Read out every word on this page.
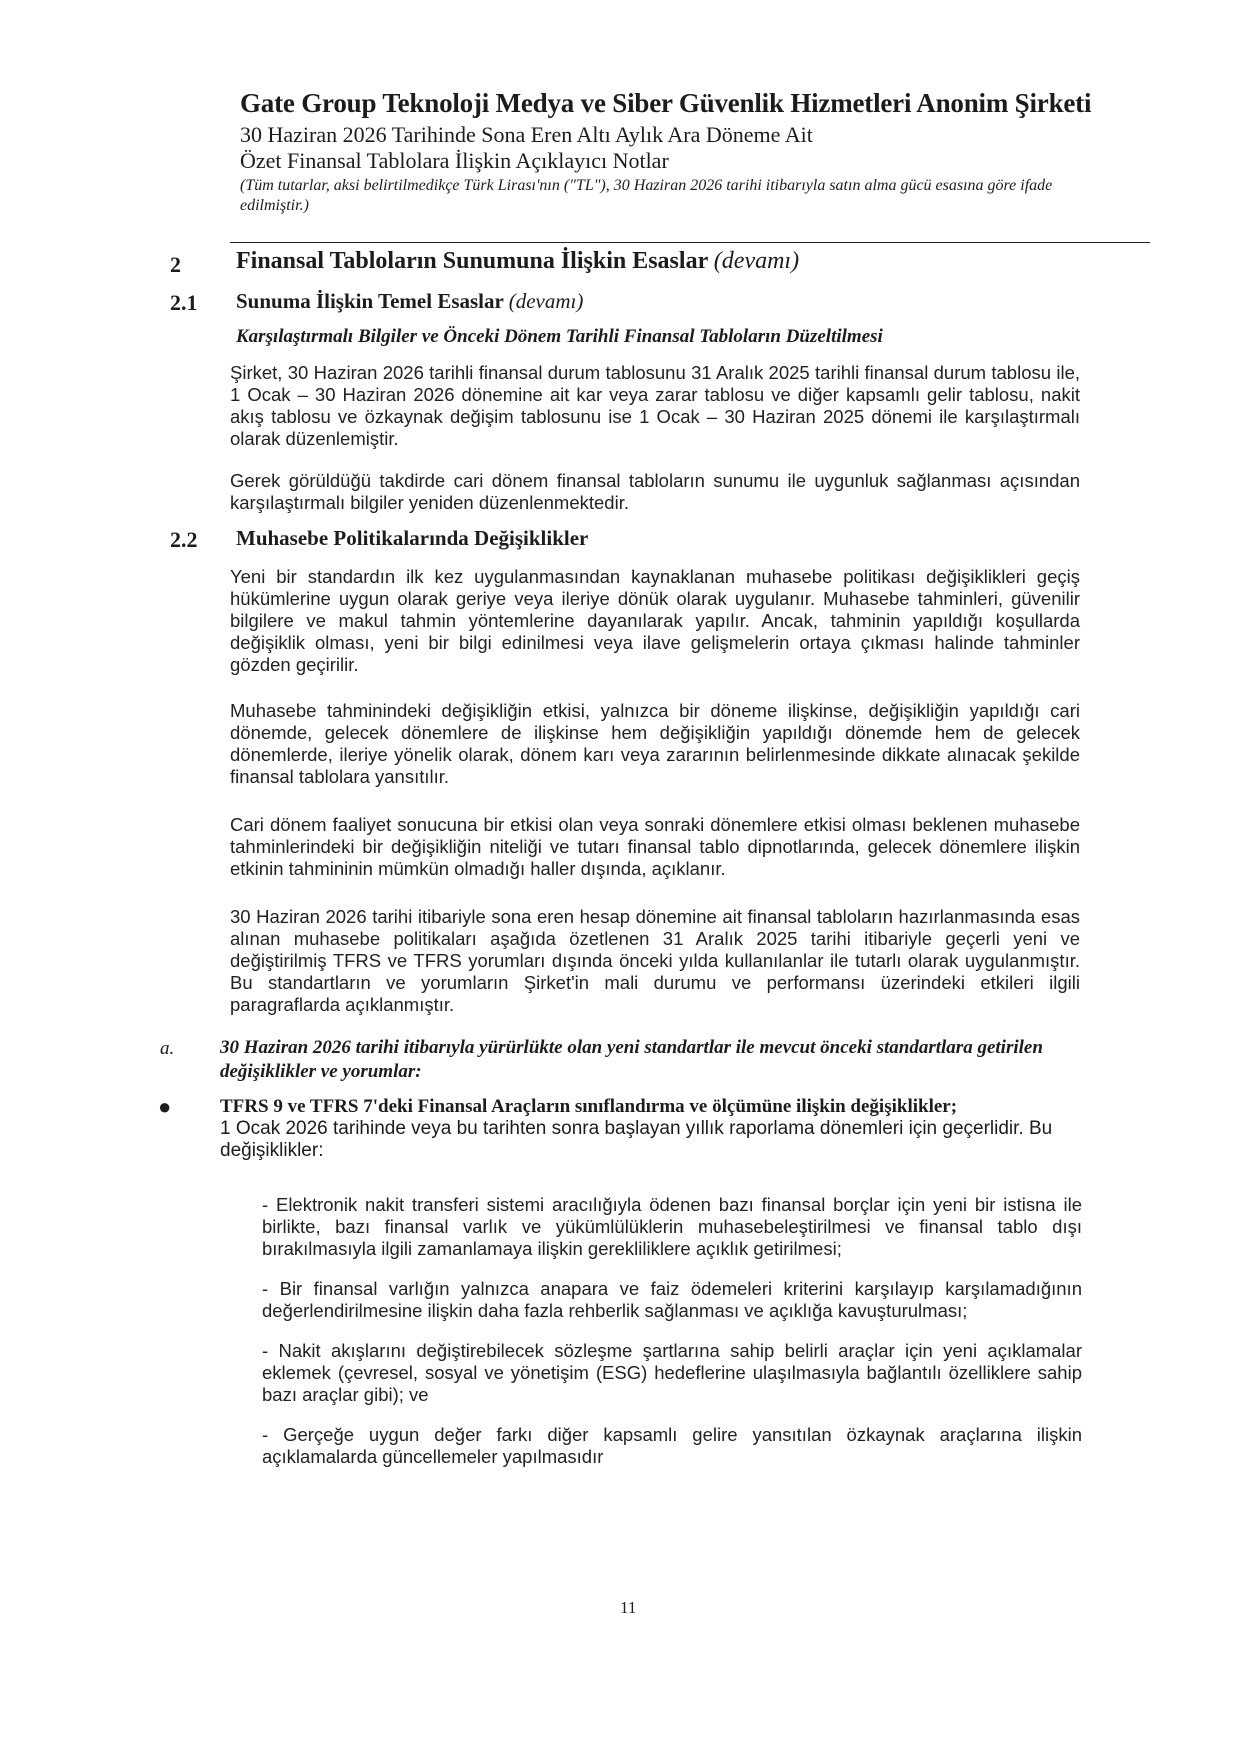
Gate Group Teknoloji Medya ve Siber Güvenlik Hizmetleri Anonim Şirketi
30 Haziran 2026 Tarihinde Sona Eren Altı Aylık Ara Döneme Ait
Özet Finansal Tablolara İlişkin Açıklayıcı Notlar
(Tüm tutarlar, aksi belirtilmedikçe Türk Lirası'nın ("TL"), 30 Haziran 2026 tarihi itibarıyla satın alma gücü esasına göre ifade edilmiştir.)
2 Finansal Tabloların Sunumuna İlişkin Esaslar (devamı)
2.1 Sunuma İlişkin Temel Esaslar (devamı)
Karşılaştırmalı Bilgiler ve Önceki Dönem Tarihli Finansal Tabloların Düzeltilmesi
Şirket, 30 Haziran 2026 tarihli finansal durum tablosunu 31 Aralık 2025 tarihli finansal durum tablosu ile, 1 Ocak – 30 Haziran 2026 dönemine ait kar veya zarar tablosu ve diğer kapsamlı gelir tablosu, nakit akış tablosu ve özkaynak değişim tablosunu ise 1 Ocak – 30 Haziran 2025 dönemi ile karşılaştırmalı olarak düzenlemiştir.
Gerek görüldüğü takdirde cari dönem finansal tabloların sunumu ile uygunluk sağlanması açısından karşılaştırmalı bilgiler yeniden düzenlenmektedir.
2.2 Muhasebe Politikalarında Değişiklikler
Yeni bir standardın ilk kez uygulanmasından kaynaklanan muhasebe politikası değişiklikleri geçiş hükümlerine uygun olarak geriye veya ileriye dönük olarak uygulanır. Muhasebe tahminleri, güvenilir bilgilere ve makul tahmin yöntemlerine dayanılarak yapılır. Ancak, tahminin yapıldığı koşullarda değişiklik olması, yeni bir bilgi edinilmesi veya ilave gelişmelerin ortaya çıkması halinde tahminler gözden geçirilir.
Muhasebe tahminindeki değişikliğin etkisi, yalnızca bir döneme ilişkinse, değişikliğin yapıldığı cari dönemde, gelecek dönemlere de ilişkinse hem değişikliğin yapıldığı dönemde hem de gelecek dönemlerde, ileriye yönelik olarak, dönem karı veya zararının belirlenmesinde dikkate alınacak şekilde finansal tablolara yansıtılır.
Cari dönem faaliyet sonucuna bir etkisi olan veya sonraki dönemlere etkisi olması beklenen muhasebe tahminlerindeki bir değişikliğin niteliği ve tutarı finansal tablo dipnotlarında, gelecek dönemlere ilişkin etkinin tahmininin mümkün olmadığı haller dışında, açıklanır.
30 Haziran 2026 tarihi itibariyle sona eren hesap dönemine ait finansal tabloların hazırlanmasında esas alınan muhasebe politikaları aşağıda özetlenen 31 Aralık 2025 tarihi itibariyle geçerli yeni ve değiştirilmiş TFRS ve TFRS yorumları dışında önceki yılda kullanılanlar ile tutarlı olarak uygulanmıştır. Bu standartların ve yorumların Şirket'in mali durumu ve performansı üzerindeki etkileri ilgili paragraflarda açıklanmıştır.
a. 30 Haziran 2026 tarihi itibarıyla yürürlükte olan yeni standartlar ile mevcut önceki standartlara getirilen değişiklikler ve yorumlar:
●	TFRS 9 ve TFRS 7'deki Finansal Araçların sınıflandırma ve ölçümüne ilişkin değişiklikler;
1 Ocak 2026 tarihinde veya bu tarihten sonra başlayan yıllık raporlama dönemleri için geçerlidir. Bu değişiklikler:
- Elektronik nakit transferi sistemi aracılığıyla ödenen bazı finansal borçlar için yeni bir istisna ile birlikte, bazı finansal varlık ve yükümlülüklerin muhasebeleştirilmesi ve finansal tablo dışı bırakılmasıyla ilgili zamanlamaya ilişkin gerekliliklere açıklık getirilmesi;
- Bir finansal varlığın yalnızca anapara ve faiz ödemeleri kriterini karşılayıp karşılamadığının değerlendirilmesine ilişkin daha fazla rehberlik sağlanması ve açıklığa kavuşturulması;
- Nakit akışlarını değiştirebilecek sözleşme şartlarına sahip belirli araçlar için yeni açıklamalar eklemek (çevresel, sosyal ve yönetişim (ESG) hedeflerine ulaşılmasıyla bağlantılı özelliklere sahip bazı araçlar gibi); ve
- Gerçeğe uygun değer farkı diğer kapsamlı gelire yansıtılan özkaynak araçlarına ilişkin açıklamalarda güncellemeler yapılmasıdır
11
